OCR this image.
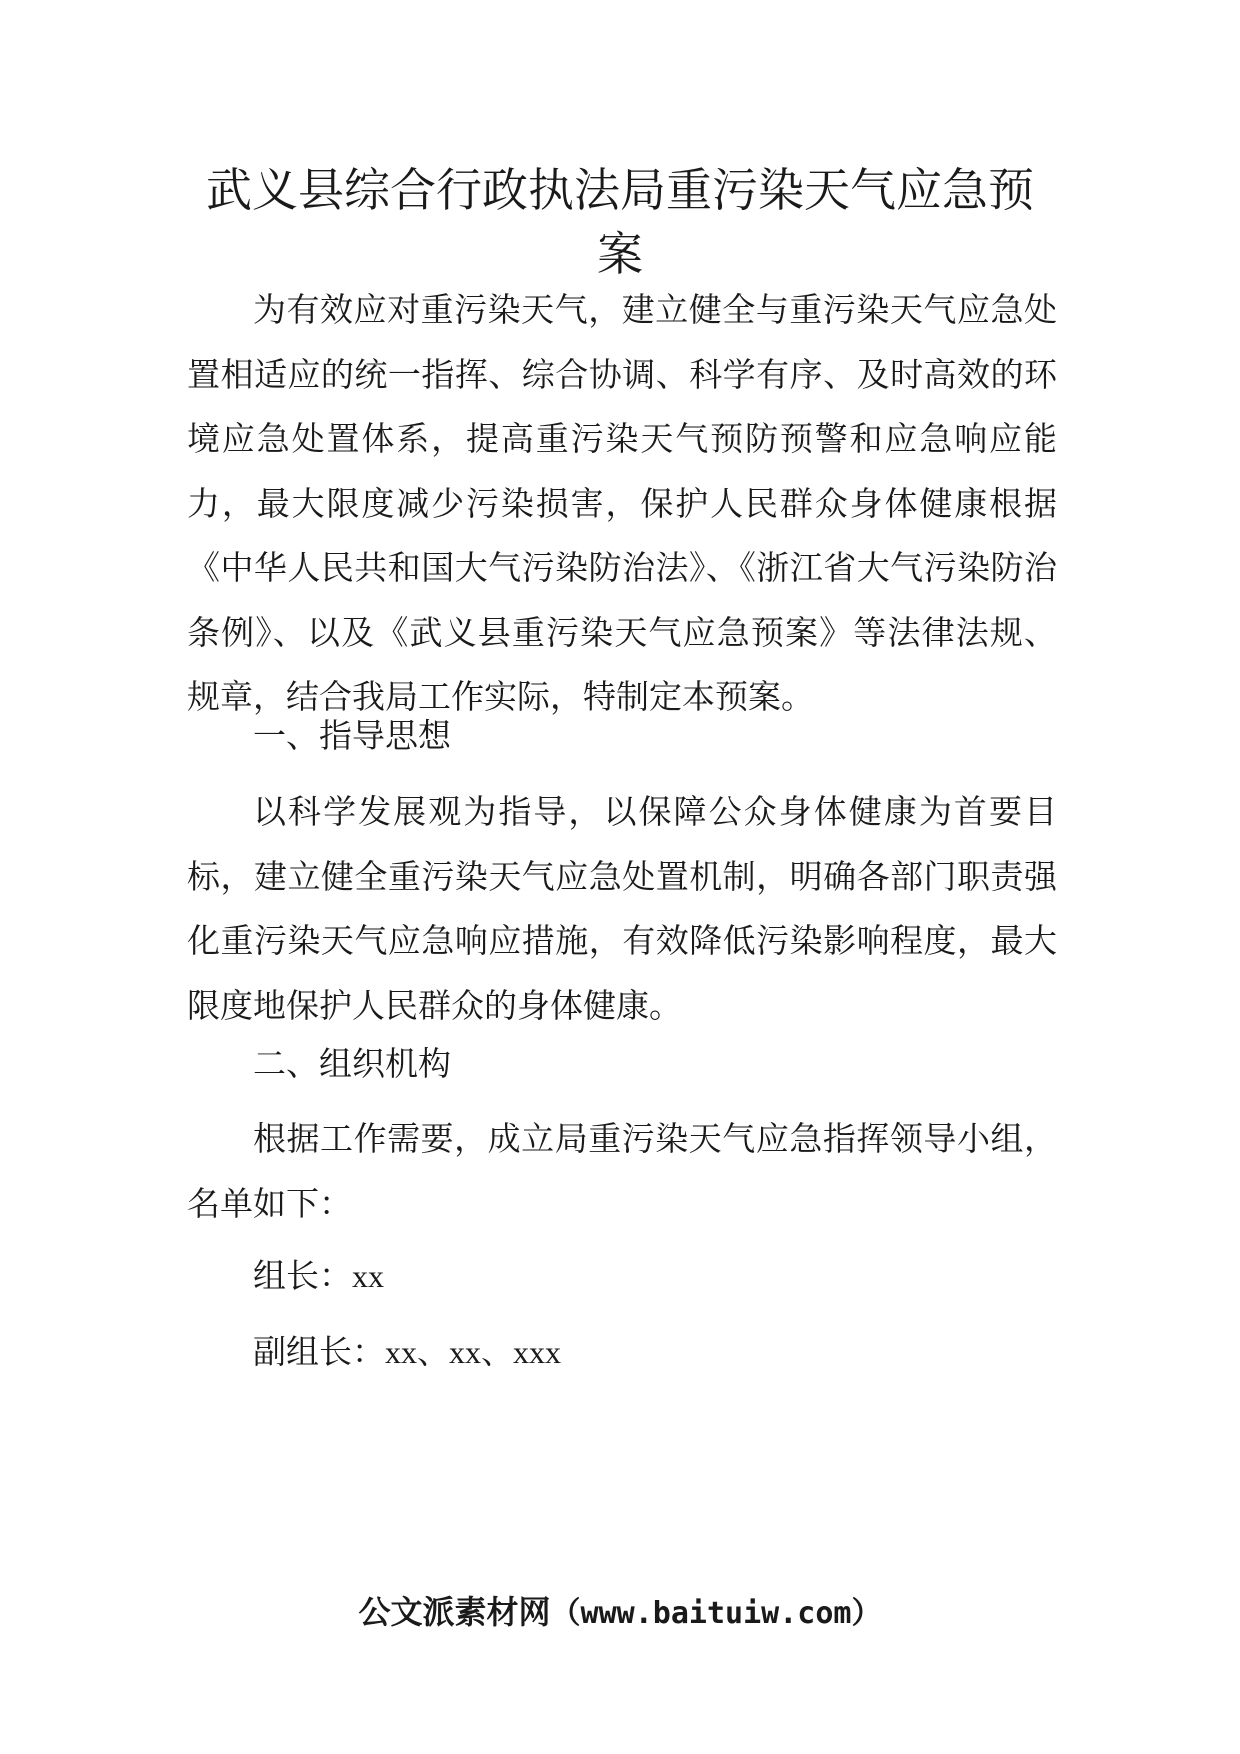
武义县综合行政执法局重污染天气应急预案

为有效应对重污染天气，建立健全与重污染天气应急处置相适应的统一指挥、综合协调、科学有序、及时高效的环境应急处置体系，提高重污染天气预防预警和应急响应能力，最大限度减少污染损害，保护人民群众身体健康根据《中华人民共和国大气污染防治法》、《浙江省大气污染防治条例》、以及《武义县重污染天气应急预案》等法律法规、规章，结合我局工作实际，特制定本预案。

一、指导思想

以科学发展观为指导，以保障公众身体健康为首要目标，建立健全重污染天气应急处置机制，明确各部门职责强化重污染天气应急响应措施，有效降低污染影响程度，最大限度地保护人民群众的身体健康。

二、组织机构

根据工作需要，成立局重污染天气应急指挥领导小组，名单如下：

组长：xx

副组长：xx、xx、xxx

公文派素材网（www.baituiw.com）
